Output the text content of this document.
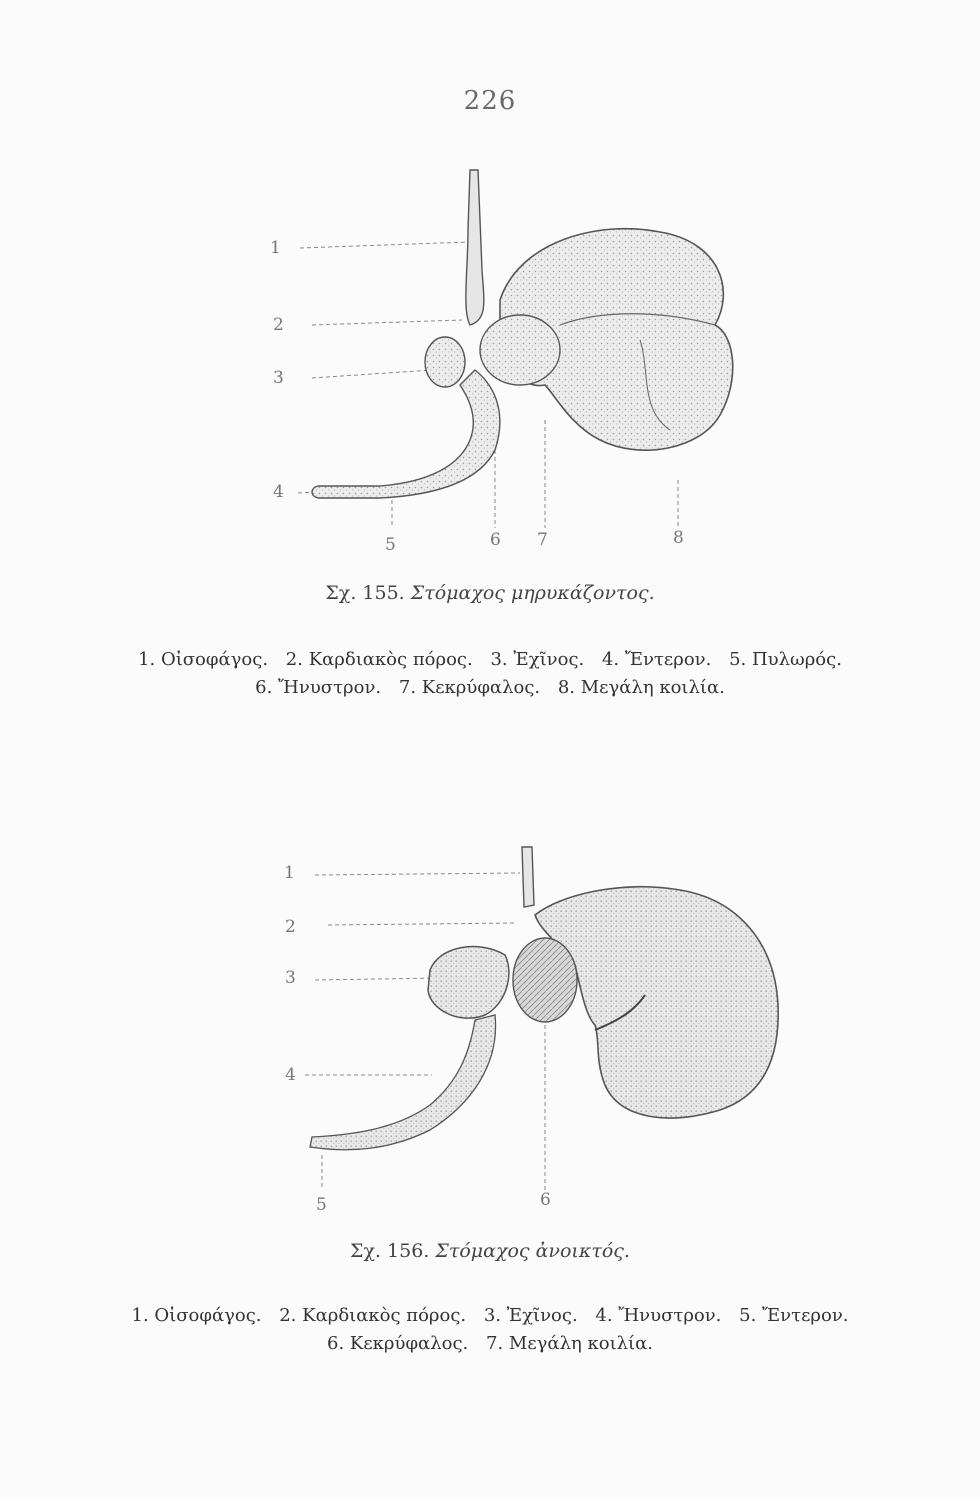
226
1
2
3
4
5	6 7	8
Σχ. 155. Στόμαχος μηρυκάζοντος.
1. Οἰσοφάγος. 2. Καρδιακὸς πόρος. 3. Ἐχῖνος. 4. Ἔντερον. 5. Πυλωρός.
6. Ἤνυστρον. 7. Κεκρύφαλος. 8. Μεγάλη κοιλία.
1
2
3
4
5	6
Σχ. 156. Στόμαχος ἀνοικτός.
1. Οἰσοφάγος. 2. Καρδιακὸς πόρος. 3. Ἐχῖνος. 4. Ἤνυστρον. 5. Ἔντερον.
6. Κεκρύφαλος. 7. Μεγάλη κοιλία.
